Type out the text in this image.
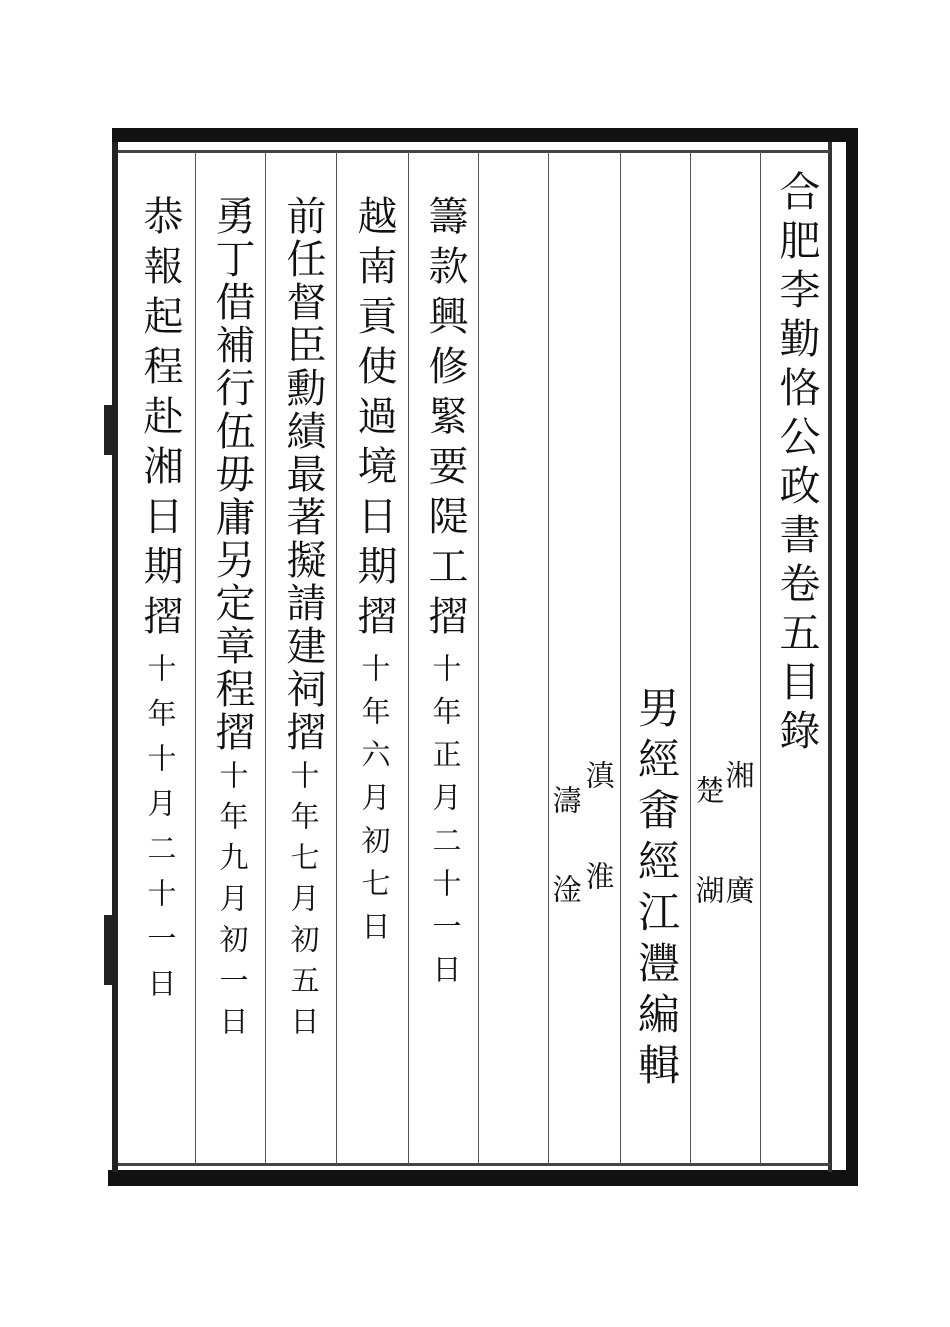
合肥李勤恪公政書卷五目錄
湘
廣
楚
湖
男經畬經
江灃編輯
滇
淮
濤
淦
籌款興修緊要隄工摺
十年正月二十一日
越南貢使過境日期摺
十年六月初七日
前任督臣勳績最著擬請建祠摺
十年七月初五日
勇丁借補行伍毋庸另定章程摺
十年九月初一日
恭報起程赴湘日期摺
十年十月二十一日
